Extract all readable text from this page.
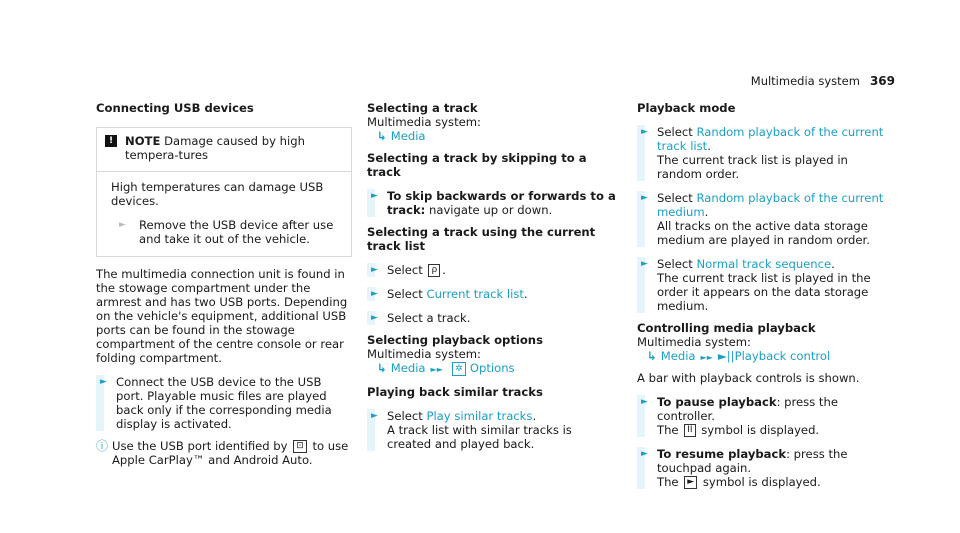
Multimedia system 369
Connecting USB devices
!	NOTE Damage caused by high tempera-tures

High temperatures can damage USB devices.

► Remove the USB device after use and take it out of the vehicle.

The multimedia connection unit is found in the stowage compartment under the armrest and has two USB ports. Depending on the vehicle's equipment, additional USB ports can be found in the stowage compartment of the centre console or rear folding compartment.

► Connect the USB device to the USB port. Playable music files are played back only if the corresponding media display is activated.
ⓘ Use the USB port identified by ⊡ to use Apple CarPlay™ and Android Auto.
Selecting a track

Multimedia system:

↳ Media

Selecting a track by skipping to a track
► To skip backwards or forwards to a track: navigate up or down.
Selecting a track using the current track list
► Select ρ .
► Select Current track list.
► Select a track.
Selecting playback options

Multimedia system:

↳ Media ►► ✲ Options

Playing back similar tracks
► Select Play similar tracks.
A track list with similar tracks is created and played back.
Playback mode
► Select Random playback of the current track list.
The current track list is played in random order.
► Select Random playback of the current medium.
All tracks on the active data storage medium are played in random order.
► Select Normal track sequence.
The current track list is played in the order it appears on the data storage medium.
Controlling media playback

Multimedia system:

↳ Media ►► ►||Playback control

A bar with playback controls is shown.

► To pause playback: press the controller.
The II symbol is displayed.
► To resume playback: press the touchpad again.
The ► symbol is displayed.
